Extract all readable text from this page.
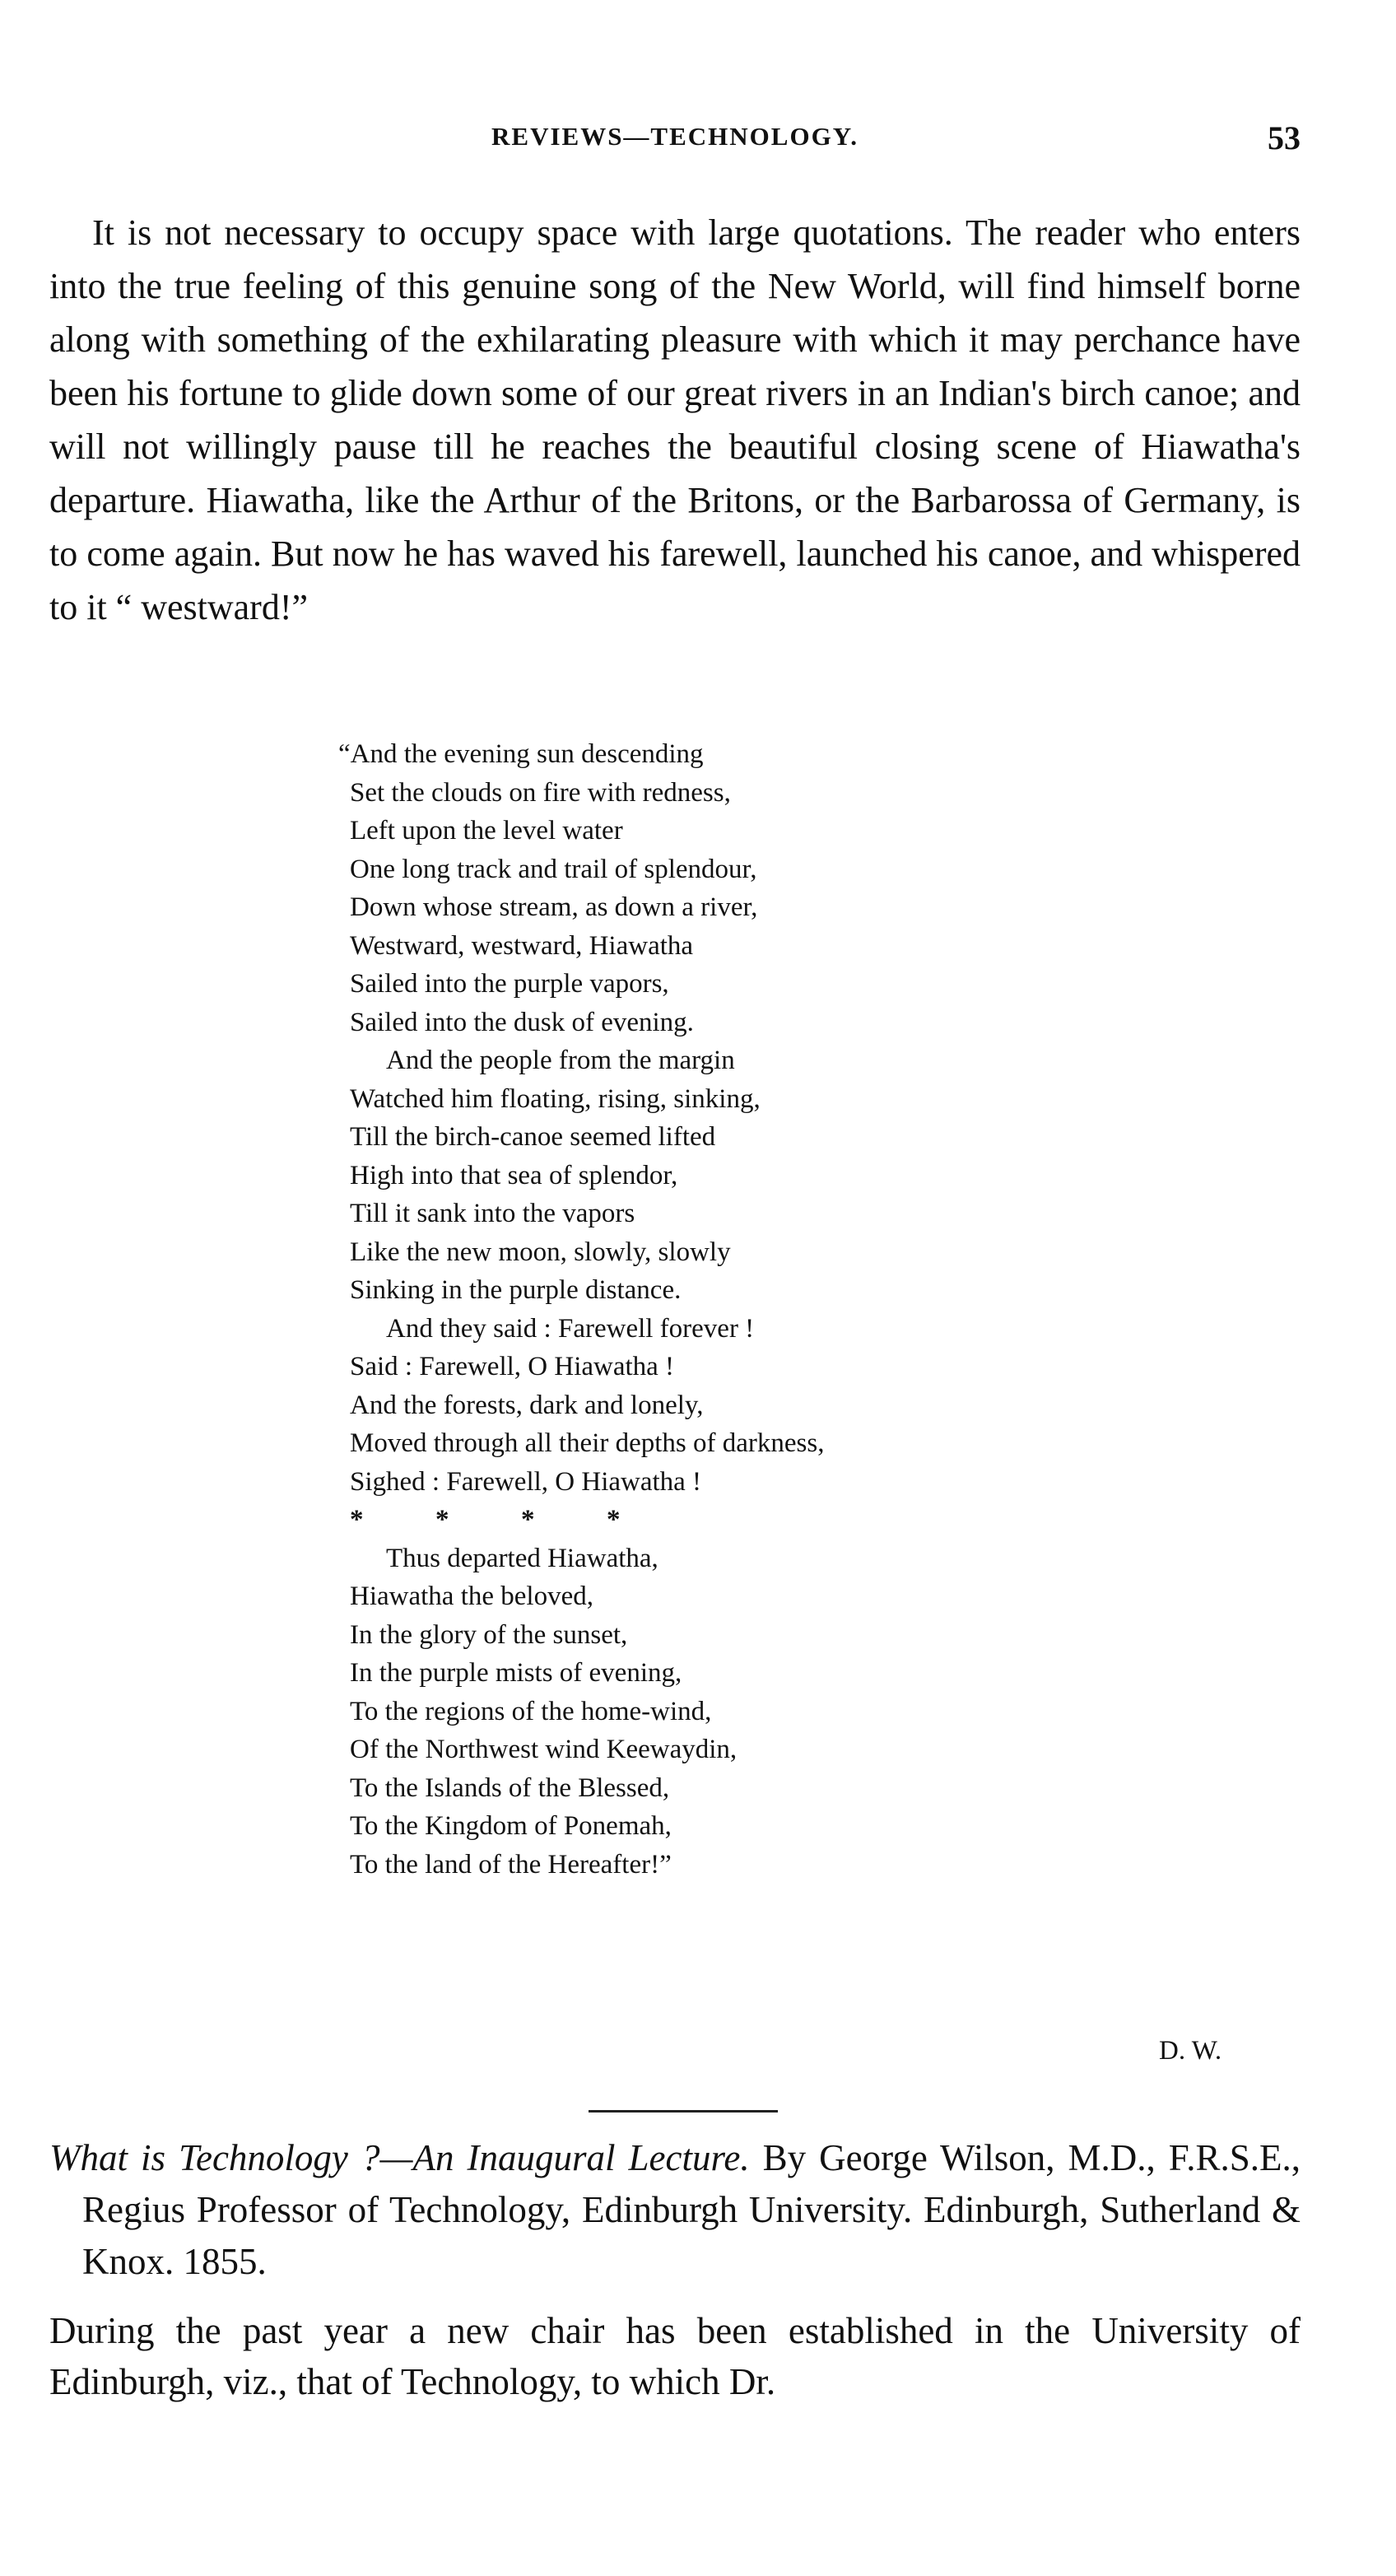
REVIEWS—TECHNOLOGY.	53

It is not necessary to occupy space with large quotations. The reader who enters into the true feeling of this genuine song of the New World, will find himself borne along with something of the exhilarating pleasure with which it may perchance have been his fortune to glide down some of our great rivers in an Indian's birch canoe; and will not willingly pause till he reaches the beautiful closing scene of Hiawatha's departure. Hiawatha, like the Arthur of the Britons, or the Barbarossa of Germany, is to come again. But now he has waved his farewell, launched his canoe, and whispered to it “ westward!”

“And the evening sun descending
Set the clouds on fire with redness,
Left upon the level water
One long track and trail of splendour,
Down whose stream, as down a river,
Westward, westward, Hiawatha
Sailed into the purple vapors,
Sailed into the dusk of evening.
And the people from the margin
Watched him floating, rising, sinking,
Till the birch-canoe seemed lifted
High into that sea of splendor,
Till it sank into the vapors
Like the new moon, slowly, slowly
Sinking in the purple distance.
And they said : Farewell forever !
Said : Farewell, O Hiawatha !
And the forests, dark and lonely,
Moved through all their depths of darkness,
Sighed : Farewell, O Hiawatha !
*	*	*	*
Thus departed Hiawatha,
Hiawatha the beloved,
In the glory of the sunset,
In the purple mists of evening,
To the regions of the home-wind,
Of the Northwest wind Keewaydin,
To the Islands of the Blessed,
To the Kingdom of Ponemah,
To the land of the Hereafter!”
D. W.

What is Technology ?—An Inaugural Lecture. By George Wilson, M.D., F.R.S.E., Regius Professor of Technology, Edinburgh University. Edinburgh, Sutherland & Knox. 1855.

During the past year a new chair has been established in the University of Edinburgh, viz., that of Technology, to which Dr.
